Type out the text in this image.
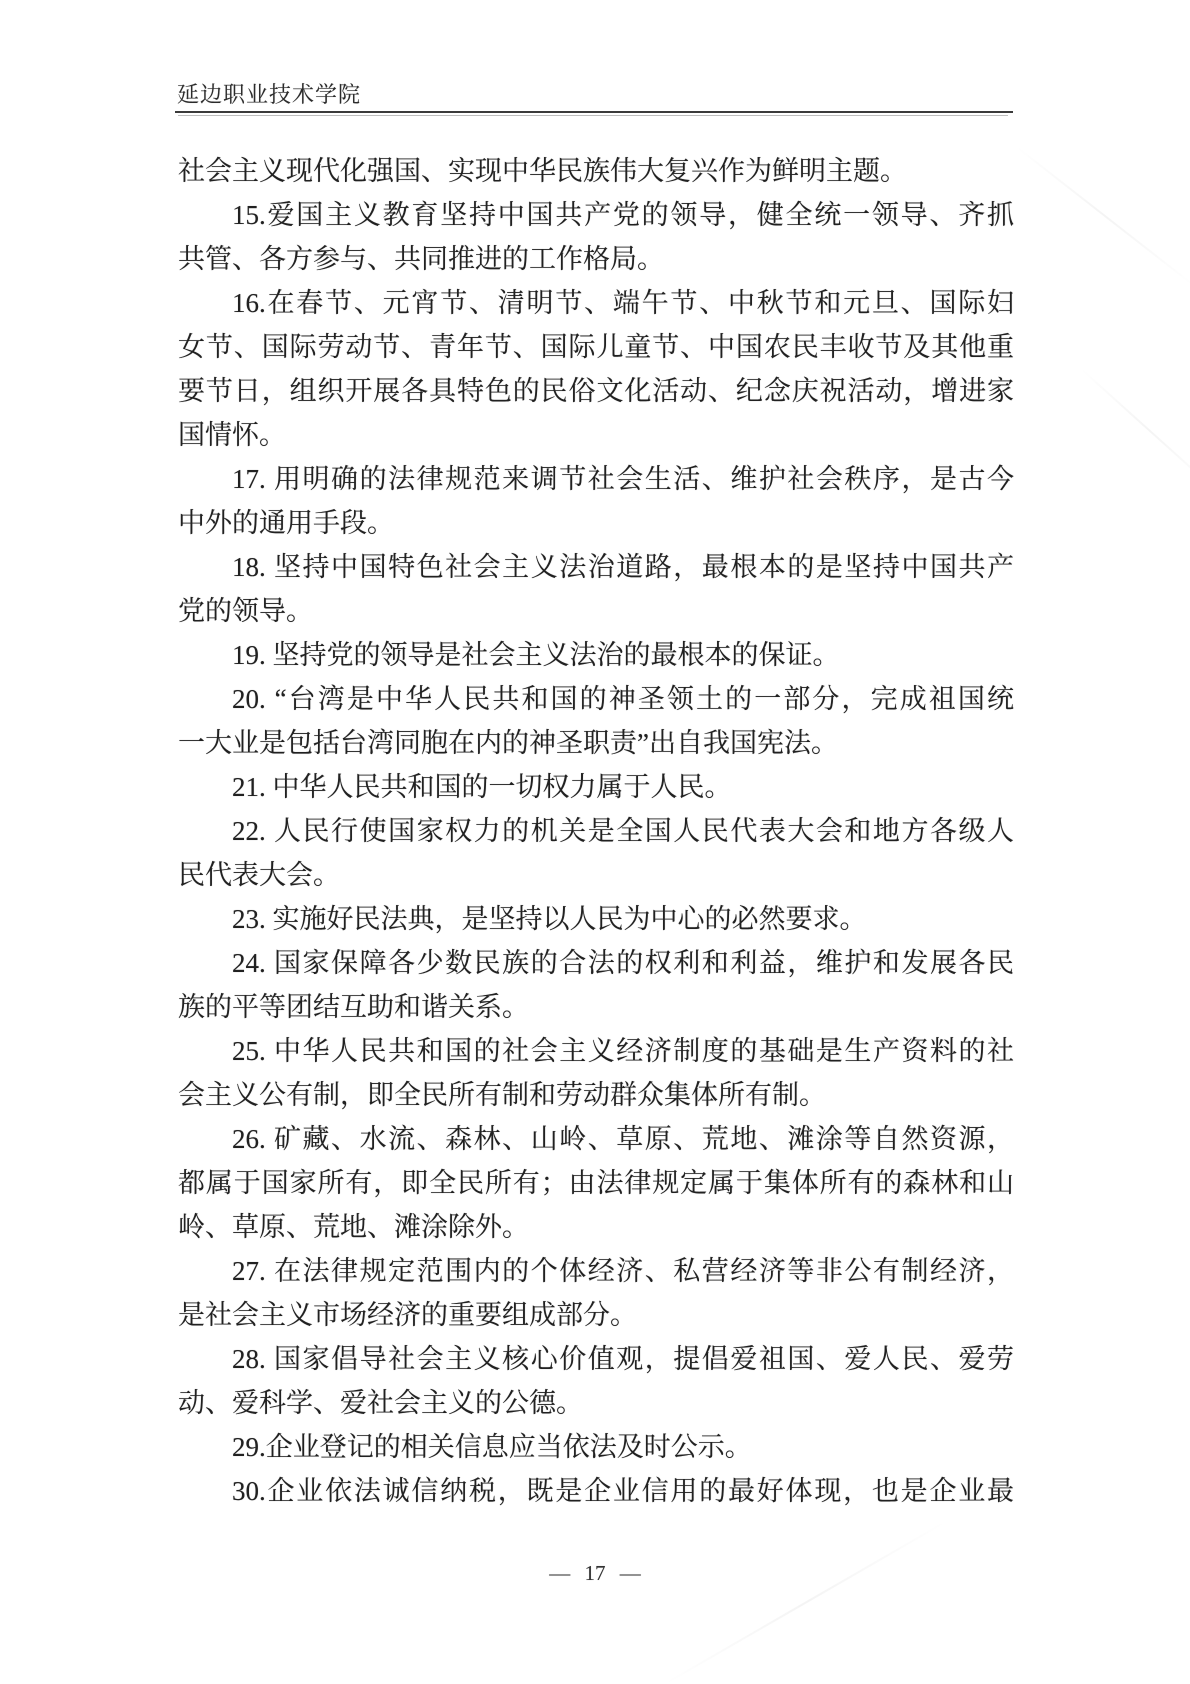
延边职业技术学院
社会主义现代化强国、实现中华民族伟大复兴作为鲜明主题。
15.爱国主义教育坚持中国共产党的领导，健全统一领导、齐抓
共管、各方参与、共同推进的工作格局。
16.在春节、元宵节、清明节、端午节、中秋节和元旦、国际妇
女节、国际劳动节、青年节、国际儿童节、中国农民丰收节及其他重
要节日，组织开展各具特色的民俗文化活动、纪念庆祝活动，增进家
国情怀。
17. 用明确的法律规范来调节社会生活、维护社会秩序，是古今
中外的通用手段。
18. 坚持中国特色社会主义法治道路，最根本的是坚持中国共产
党的领导。
19. 坚持党的领导是社会主义法治的最根本的保证。
20. “台湾是中华人民共和国的神圣领土的一部分，完成祖国统
一大业是包括台湾同胞在内的神圣职责”出自我国宪法。
21. 中华人民共和国的一切权力属于人民。
22. 人民行使国家权力的机关是全国人民代表大会和地方各级人
民代表大会。
23. 实施好民法典，是坚持以人民为中心的必然要求。
24. 国家保障各少数民族的合法的权利和利益，维护和发展各民
族的平等团结互助和谐关系。
25. 中华人民共和国的社会主义经济制度的基础是生产资料的社
会主义公有制，即全民所有制和劳动群众集体所有制。
26. 矿藏、水流、森林、山岭、草原、荒地、滩涂等自然资源，
都属于国家所有，即全民所有；由法律规定属于集体所有的森林和山
岭、草原、荒地、滩涂除外。
27. 在法律规定范围内的个体经济、私营经济等非公有制经济，
是社会主义市场经济的重要组成部分。
28. 国家倡导社会主义核心价值观，提倡爱祖国、爱人民、爱劳
动、爱科学、爱社会主义的公德。
29.企业登记的相关信息应当依法及时公示。
30.企业依法诚信纳税，既是企业信用的最好体现，也是企业最
— 17 —
